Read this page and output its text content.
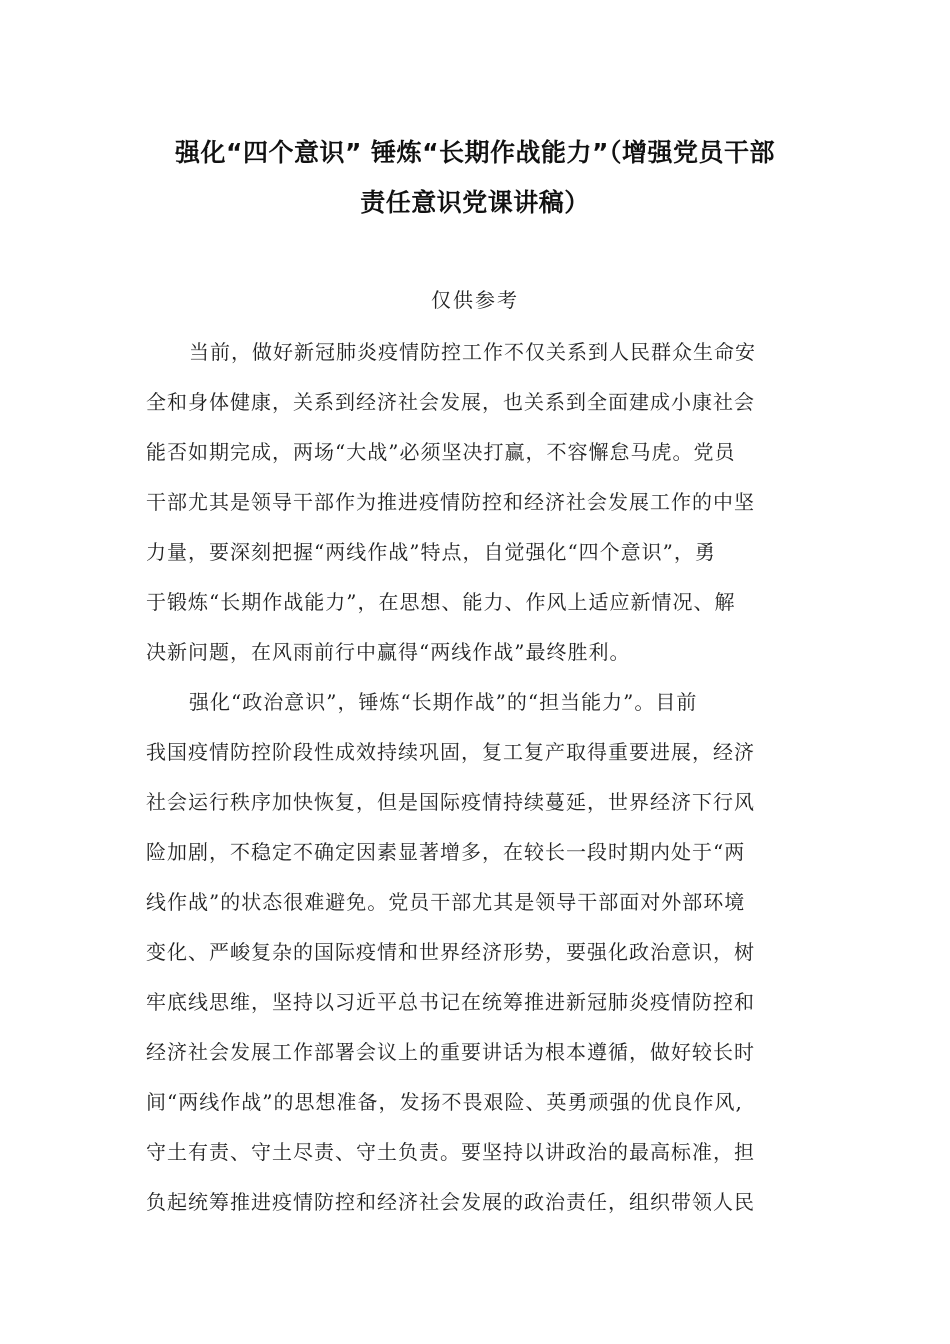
强化“四个意识” 锤炼“长期作战能力”（增强党员干部
责任意识党课讲稿）
仅供参考

当前，做好新冠肺炎疫情防控工作不仅关系到人民群众生命安
全和身体健康，关系到经济社会发展，也关系到全面建成小康社会
能否如期完成，两场“大战”必须坚决打赢，不容懈怠马虎。党员
干部尤其是领导干部作为推进疫情防控和经济社会发展工作的中坚
力量，要深刻把握“两线作战”特点，自觉强化“四个意识”，勇
于锻炼“长期作战能力”，在思想、能力、作风上适应新情况、解
决新问题，在风雨前行中赢得“两线作战”最终胜利。

强化“政治意识”，锤炼“长期作战”的“担当能力”。目前
我国疫情防控阶段性成效持续巩固，复工复产取得重要进展，经济
社会运行秩序加快恢复，但是国际疫情持续蔓延，世界经济下行风
险加剧，不稳定不确定因素显著增多，在较长一段时期内处于“两
线作战”的状态很难避免。党员干部尤其是领导干部面对外部环境
变化、严峻复杂的国际疫情和世界经济形势，要强化政治意识，树
牢底线思维，坚持以习近平总书记在统筹推进新冠肺炎疫情防控和
经济社会发展工作部署会议上的重要讲话为根本遵循，做好较长时
间“两线作战”的思想准备，发扬不畏艰险、英勇顽强的优良作风,
守土有责、守土尽责、守土负责。要坚持以讲政治的最高标准，担
负起统筹推进疫情防控和经济社会发展的政治责任，组织带领人民
